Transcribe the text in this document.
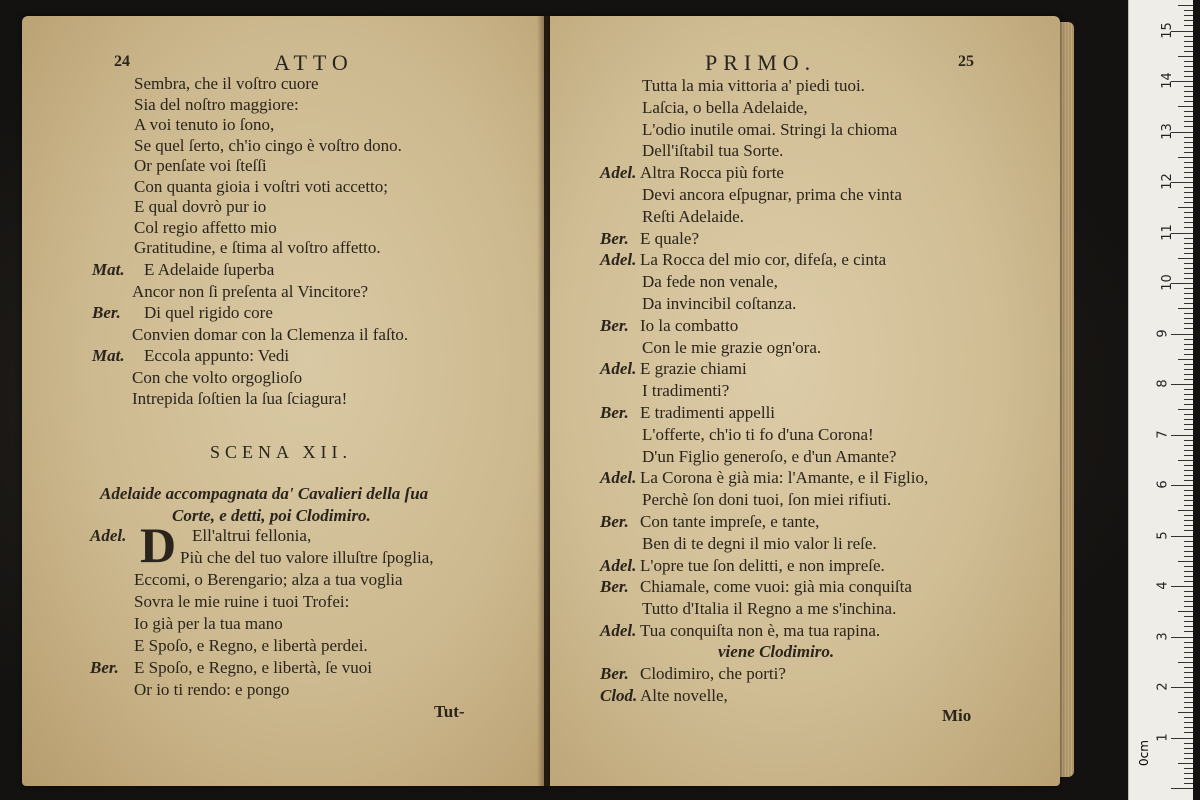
24	ATTO
Sembra, che il voſtro cuore
Sia del noſtro maggiore:
A voi tenuto io ſono,
Se quel ſerto, ch'io cingo è voſtro dono.
Or penſate voi ſteſſi
Con quanta gioia i voſtri voti accetto;
E qual dovrò pur io
Col regio affetto mio
Gratitudine, e ſtima al voſtro affetto.
Mat. E Adelaide ſuperba
Ancor non ſi preſenta al Vincitore?
Ber. Di quel rigido core
Convien domar con la Clemenza il faſto.
Mat. Eccola appunto: Vedi
Con che volto orgoglioſo
Intrepida ſoſtien la ſua ſciagura!
SCENA XII.
Adelaide accompagnata da' Cavalieri della ſua
Corte, e detti, poi Clodimiro.
D
Adel.	Ell'altrui fellonia,
Più che del tuo valore illuſtre ſpoglia,
Eccomi, o Berengario; alza a tua voglia
Sovra le mie ruine i tuoi Trofei:
Io già per la tua mano
E Spoſo, e Regno, e libertà perdei.
Ber. E Spoſo, e Regno, e libertà, ſe vuoi
Or io ti rendo: e pongo
Tut-
PRIMO.	25
Tutta la mia vittoria a' piedi tuoi.
Laſcia, o bella Adelaide,
L'odio inutile omai. Stringi la chioma
Dell'iſtabil tua Sorte.
Adel. Altra Rocca più forte
Devi ancora eſpugnar, prima che vinta
Reſti Adelaide.
Ber. E quale?
Adel. La Rocca del mio cor, difeſa, e cinta
Da fede non venale,
Da invincibil coſtanza.
Ber. Io la combatto
Con le mie grazie ogn'ora.
Adel. E grazie chiami
I tradimenti?
Ber. E tradimenti appelli
L'offerte, ch'io ti fo d'una Corona!
D'un Figlio generoſo, e d'un Amante?
Adel. La Corona è già mia: l'Amante, e il Figlio,
Perchè ſon doni tuoi, ſon miei rifiuti.
Ber. Con tante impreſe, e tante,
Ben di te degni il mio valor li reſe.
Adel. L'opre tue ſon delitti, e non impreſe.
Ber. Chiamale, come vuoi: già mia conquiſta
Tutto d'Italia il Regno a me s'inchina.
Adel. Tua conquiſta non è, ma tua rapina.
viene Clodimiro.
Ber. Clodimiro, che porti?
Clod. Alte novelle,
Mio
0cm
1
2
3
4
5
6
7
8
9
10
11
12
13
14
15
